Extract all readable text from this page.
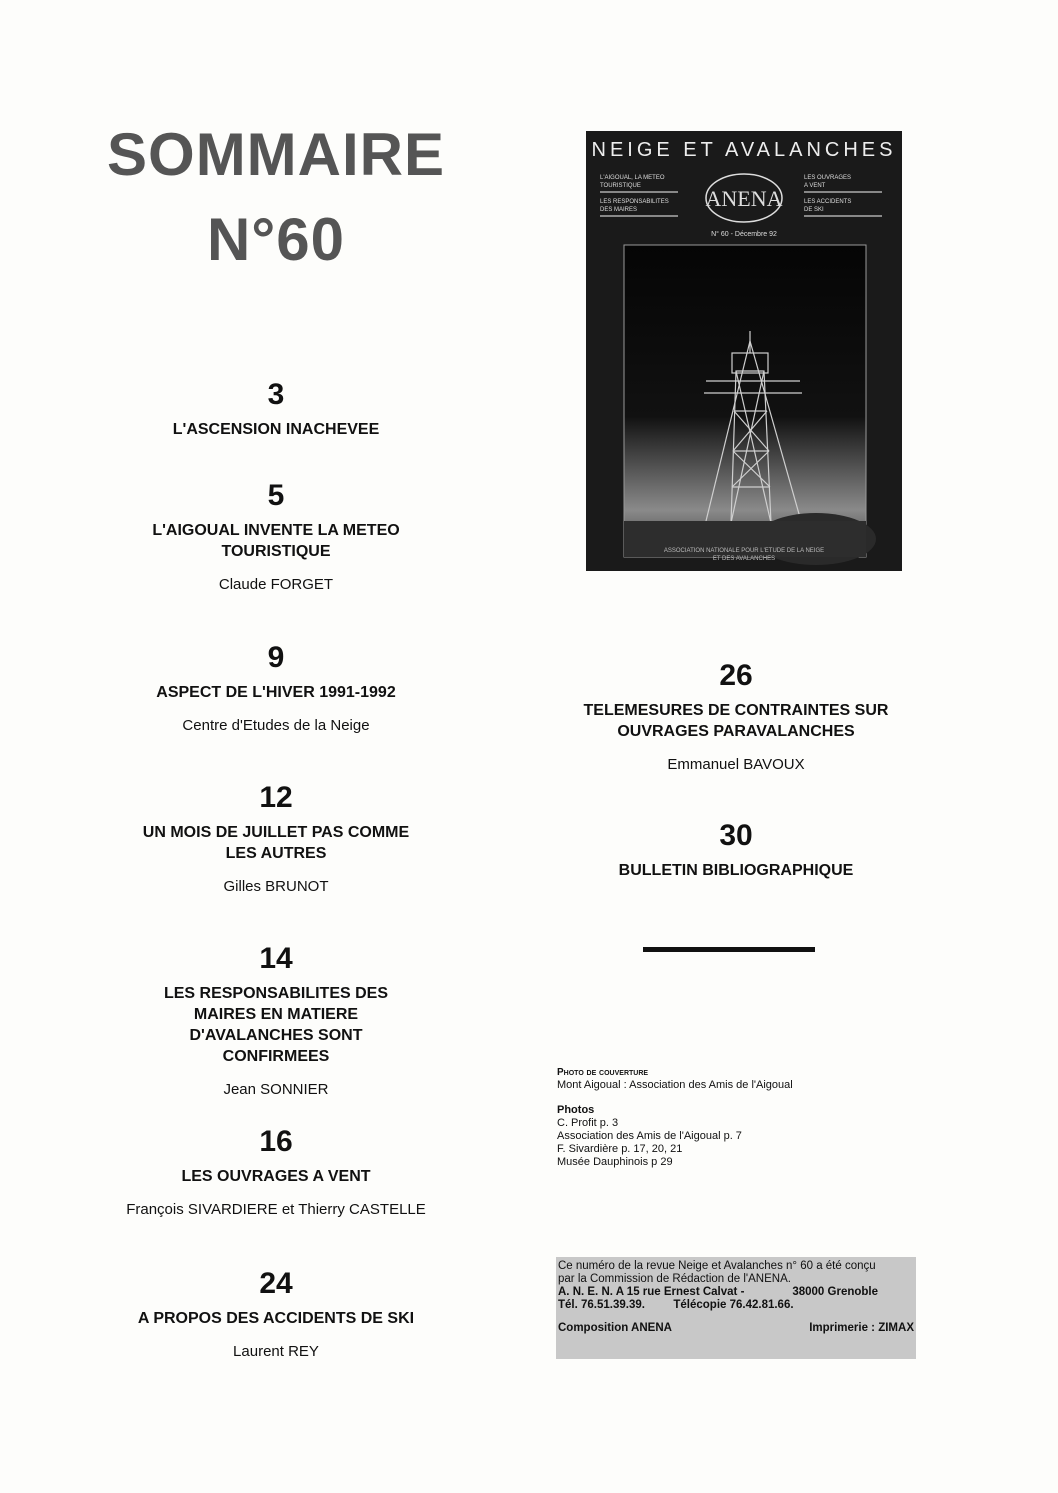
SOMMAIRE
N°60
3
L'ASCENSION INACHEVEE
5
L'AIGOUAL INVENTE LA METEO TOURISTIQUE
Claude FORGET
9
ASPECT DE L'HIVER 1991-1992
Centre d'Etudes de la Neige
12
UN MOIS DE JUILLET PAS COMME LES AUTRES
Gilles BRUNOT
14
LES RESPONSABILITES DES MAIRES EN MATIERE D'AVALANCHES SONT CONFIRMEES
Jean SONNIER
16
LES OUVRAGES A VENT
François SIVARDIERE et Thierry CASTELLE
24
A PROPOS DES ACCIDENTS DE SKI
Laurent REY
26
TELEMESURES DE CONTRAINTES SUR OUVRAGES PARAVALANCHES
Emmanuel BAVOUX
30
BULLETIN BIBLIOGRAPHIQUE
NEIGE ET AVALANCHES
L'AIGOUAL, LA METEO
TOURISTIQUE
LES RESPONSABILITES
DES MAIRES
LES OUVRAGES
A VENT
LES ACCIDENTS
DE SKI
ANENA
N° 60 - Décembre 92
ASSOCIATION NATIONALE POUR L'ETUDE DE LA NEIGE
ET DES AVALANCHES
Photo de couverture
Mont Aigoual : Association des Amis de l'Aigoual
Photos
C. Profit p. 3
Association des Amis de l'Aigoual p. 7
F. Sivardière p. 17, 20, 21
Musée Dauphinois p 29
Ce numéro de la revue Neige et Avalanches n° 60 a été conçu
par la Commission de Rédaction de l'ANENA.
A. N. E. N. A 15 rue Ernest Calvat -	38000 Grenoble
Tél. 76.51.39.39. Télécopie 76.42.81.66.
Composition ANENA	Imprimerie : ZIMAX
